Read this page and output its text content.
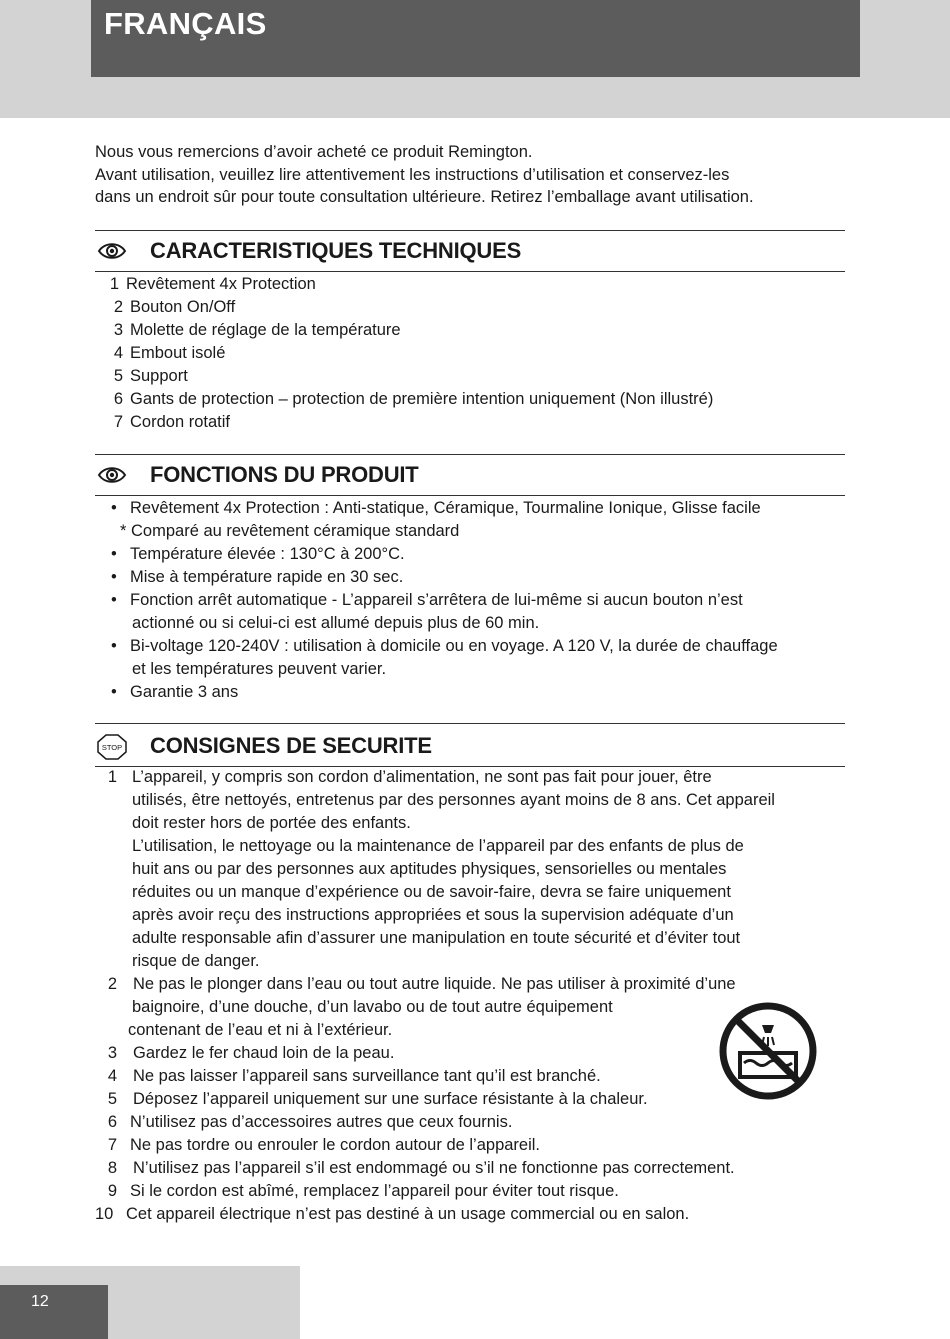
FRANÇAIS
Nous vous remercions d’avoir acheté ce produit Remington.
Avant utilisation, veuillez lire attentivement les instructions d’utilisation et conservez-les
dans un endroit sûr pour toute consultation ultérieure. Retirez l’emballage avant utilisation.
CARACTERISTIQUES TECHNIQUES
1 Revêtement 4x Protection
2 Bouton On/Off
3 Molette de réglage de la température
4 Embout isolé
5 Support
6 Gants de protection – protection de première intention uniquement (Non illustré)
7 Cordon rotatif
FONCTIONS DU PRODUIT
• Revêtement 4x Protection : Anti-statique, Céramique, Tourmaline Ionique, Glisse facile
* Comparé au revêtement céramique standard
• Température élevée : 130°C à 200°C.
• Mise à température rapide en 30 sec.
• Fonction arrêt automatique - L’appareil s’arrêtera de lui-même si aucun bouton n’est
actionné ou si celui-ci est allumé depuis plus de 60 min.
• Bi-voltage 120-240V : utilisation à domicile ou en voyage. A 120 V, la durée de chauffage
et les températures peuvent varier.
• Garantie 3 ans
STOP CONSIGNES DE SECURITE
1 L’appareil, y compris son cordon d’alimentation, ne sont pas fait pour jouer, être
utilisés, être nettoyés, entretenus par des personnes ayant moins de 8 ans. Cet appareil
doit rester hors de portée des enfants.
L’utilisation, le nettoyage ou la maintenance de l’appareil par des enfants de plus de
huit ans ou par des personnes aux aptitudes physiques, sensorielles ou mentales
réduites ou un manque d’expérience ou de savoir-faire, devra se faire uniquement
après avoir reçu des instructions appropriées et sous la supervision adéquate d’un
adulte responsable afin d’assurer une manipulation en toute sécurité et d’éviter tout
risque de danger.
2 Ne pas le plonger dans l’eau ou tout autre liquide. Ne pas utiliser à proximité d’une
baignoire, d’une douche, d’un lavabo ou de tout autre équipement
contenant de l’eau et ni à l’extérieur.
3 Gardez le fer chaud loin de la peau.
4 Ne pas laisser l’appareil sans surveillance tant qu’il est branché.
5 Déposez l’appareil uniquement sur une surface résistante à la chaleur.
6 N’utilisez pas d’accessoires autres que ceux fournis.
7 Ne pas tordre ou enrouler le cordon autour de l’appareil.
8 N’utilisez pas l’appareil s’il est endommagé ou s’il ne fonctionne pas correctement.
9 Si le cordon est abîmé, remplacez l’appareil pour éviter tout risque.
10 Cet appareil électrique n’est pas destiné à un usage commercial ou en salon.
12
